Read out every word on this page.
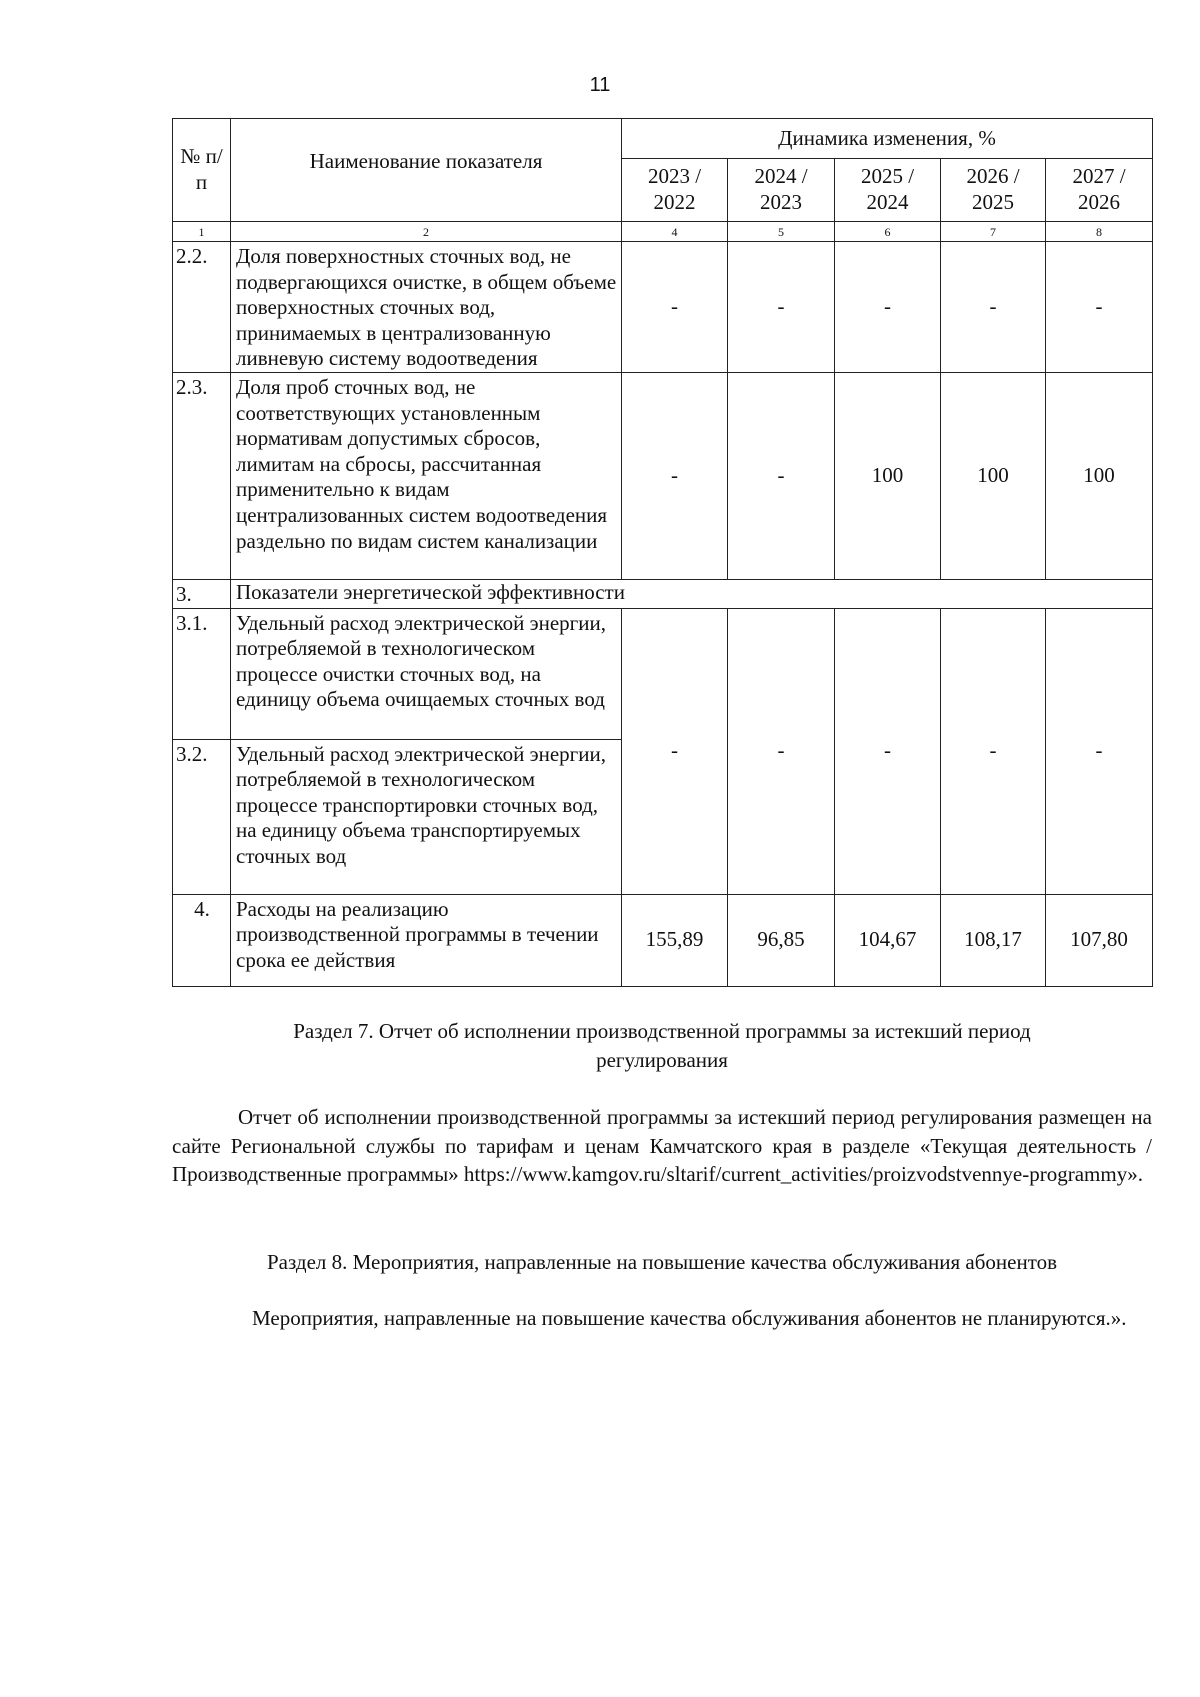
11
№ п/п	Наименование показателя	Динамика изменения, %				
		2023 / 2022	2024 / 2023	2025 / 2024	2026 / 2025	2027 / 2026
1	2	4	5	6	7	8
2.2.	Доля поверхностных сточных вод, не подвергающихся очистке, в общем объеме поверхностных сточных вод, принимаемых в централизованную ливневую систему водоотведения	-	-	-	-	-
2.3.	Доля проб сточных вод, не соответствующих установленным нормативам допустимых сбросов, лимитам на сбросы, рассчитанная применительно к видам централизованных систем водоотведения раздельно по видам систем канализации	-	-	100	100	100
3.	Показатели энергетической эффективности					
3.1.	Удельный расход электрической энергии, потребляемой в технологическом процессе очистки сточных вод, на единицу объема очищаемых сточных вод	-	-	-	-	-
3.2.	Удельный расход электрической энергии, потребляемой в технологическом процессе транспортировки сточных вод, на единицу объема транспортируемых сточных вод					
4.	Расходы на реализацию производственной программы в течении срока ее действия	155,89	96,85	104,67	108,17	107,80
Раздел 7. Отчет об исполнении производственной программы за истекший период
регулирования
Отчет об исполнении производственной программы за истекший период регулирования размещен на сайте Региональной службы по тарифам и ценам Камчатского края в разделе «Текущая деятельность / Производственные программы» https://www.kamgov.ru/sltarif/current_activities/proizvodstvennye-programmy».
Раздел 8. Мероприятия, направленные на повышение качества обслуживания абонентов
Мероприятия, направленные на повышение качества обслуживания абонентов не планируются.».
